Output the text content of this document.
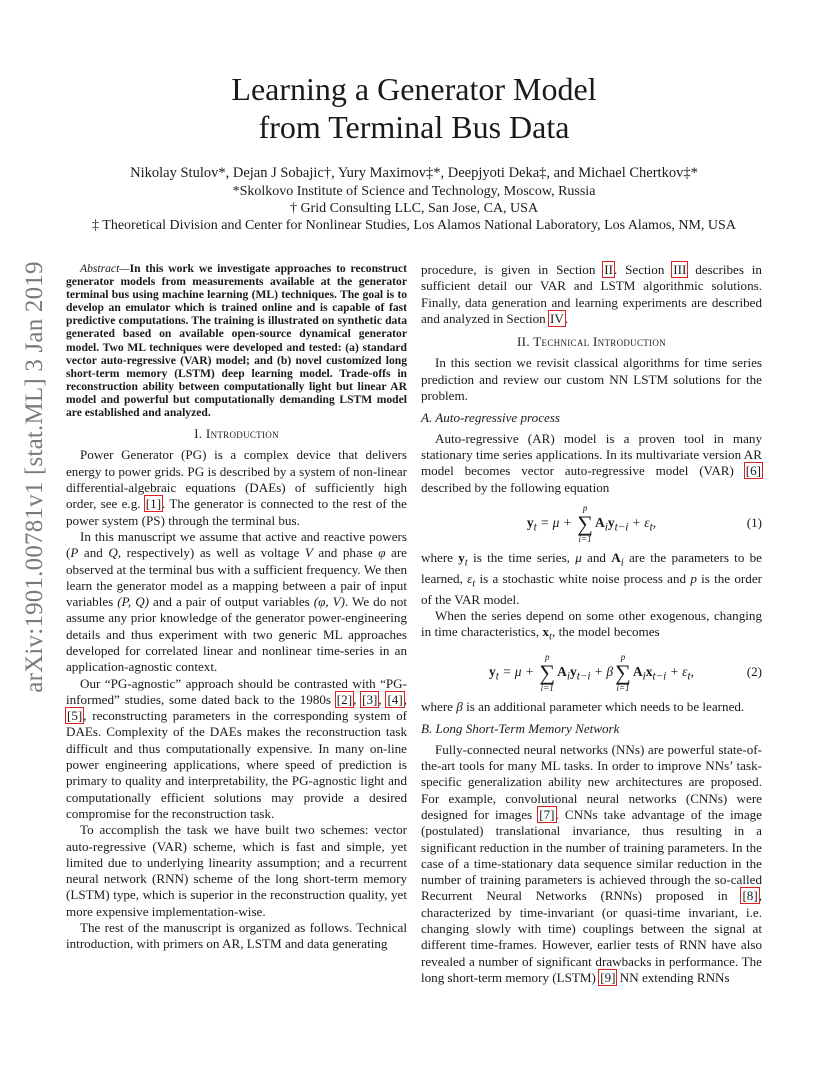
arXiv:1901.00781v1 [stat.ML] 3 Jan 2019
Learning a Generator Model
from Terminal Bus Data
Nikolay Stulov*, Dejan J Sobajic†, Yury Maximov‡*, Deepjyoti Deka‡, and Michael Chertkov‡*
*Skolkovo Institute of Science and Technology, Moscow, Russia
† Grid Consulting LLC, San Jose, CA, USA
‡ Theoretical Division and Center for Nonlinear Studies, Los Alamos National Laboratory, Los Alamos, NM, USA

Abstract—In this work we investigate approaches to reconstruct generator models from measurements available at the generator terminal bus using machine learning (ML) techniques. The goal is to develop an emulator which is trained online and is capable of fast predictive computations. The training is illustrated on synthetic data generated based on available open-source dynamical generator model. Two ML techniques were developed and tested: (a) standard vector auto-regressive (VAR) model; and (b) novel customized long short-term memory (LSTM) deep learning model. Trade-offs in reconstruction ability between computationally light but linear AR model and powerful but computationally demanding LSTM model are established and analyzed.

I. Introduction

Power Generator (PG) is a complex device that delivers energy to power grids. PG is described by a system of non-linear differential-algebraic equations (DAEs) of sufficiently high order, see e.g. [1]. The generator is connected to the rest of the power system (PS) through the terminal bus.

In this manuscript we assume that active and reactive powers (P and Q, respectively) as well as voltage V and phase φ are observed at the terminal bus with a sufficient frequency. We then learn the generator model as a mapping between a pair of input variables (P, Q) and a pair of output variables (φ, V). We do not assume any prior knowledge of the generator power-engineering details and thus experiment with two generic ML approaches developed for correlated linear and nonlinear time-series in an application-agnostic context.

Our “PG-agnostic” approach should be contrasted with “PG-informed” studies, some dated back to the 1980s [2], [3], [4], [5], reconstructing parameters in the corresponding system of DAEs. Complexity of the DAEs makes the reconstruction task difficult and thus computationally expensive. In many on-line power engineering applications, where speed of prediction is primary to quality and interpretability, the PG-agnostic light and computationally efficient solutions may provide a desired compromise for the reconstruction task.

To accomplish the task we have built two schemes: vector auto-regressive (VAR) scheme, which is fast and simple, yet limited due to underlying linearity assumption; and a recurrent neural network (RNN) scheme of the long short-term memory (LSTM) type, which is superior in the reconstruction quality, yet more expensive implementation-wise.

The rest of the manuscript is organized as follows. Technical introduction, with primers on AR, LSTM and data generating

procedure, is given in Section II. Section III describes in sufficient detail our VAR and LSTM algorithmic solutions. Finally, data generation and learning experiments are described and analyzed in Section IV.

II. Technical Introduction

In this section we revisit classical algorithms for time series prediction and review our custom NN LSTM solutions for the problem.

A. Auto-regressive process

Auto-regressive (AR) model is a proven tool in many stationary time series applications. In its multivariate version AR model becomes vector auto-regressive model (VAR) [6] described by the following equation

$y_t = \mu$ +
p
∑
i=1
$A_iy_{t-i} + \varepsilon_t$,	(1)

where $y_t$ is the time series, μ and $A_i$ are the parameters to be learned, $\varepsilon_t$ is a stochastic white noise process and p is the order of the VAR model.

When the series depend on some other exogenous, changing in time characteristics, $x_t$, the model becomes

$y_t = \mu$ +
p
∑
i=1
$A_iy_{t-i} + \beta$
p
∑
i=1
$A_ix_{t-i} + \varepsilon_t$,	(2)

where β is an additional parameter which needs to be learned.

B. Long Short-Term Memory Network

Fully-connected neural networks (NNs) are powerful state-of-the-art tools for many ML tasks. In order to improve NNs’ task-specific generalization ability new architectures are proposed. For example, convolutional neural networks (CNNs) were designed for images [7]. CNNs take advantage of the image (postulated) translational invariance, thus resulting in a significant reduction in the number of training parameters. In the case of a time-stationary data sequence similar reduction in the number of training parameters is achieved through the so-called Recurrent Neural Networks (RNNs) proposed in [8], characterized by time-invariant (or quasi-time invariant, i.e. changing slowly with time) couplings between the signal at different time-frames. However, earlier tests of RNN have also revealed a number of significant drawbacks in performance. The long short-term memory (LSTM) [9] NN extending RNNs
